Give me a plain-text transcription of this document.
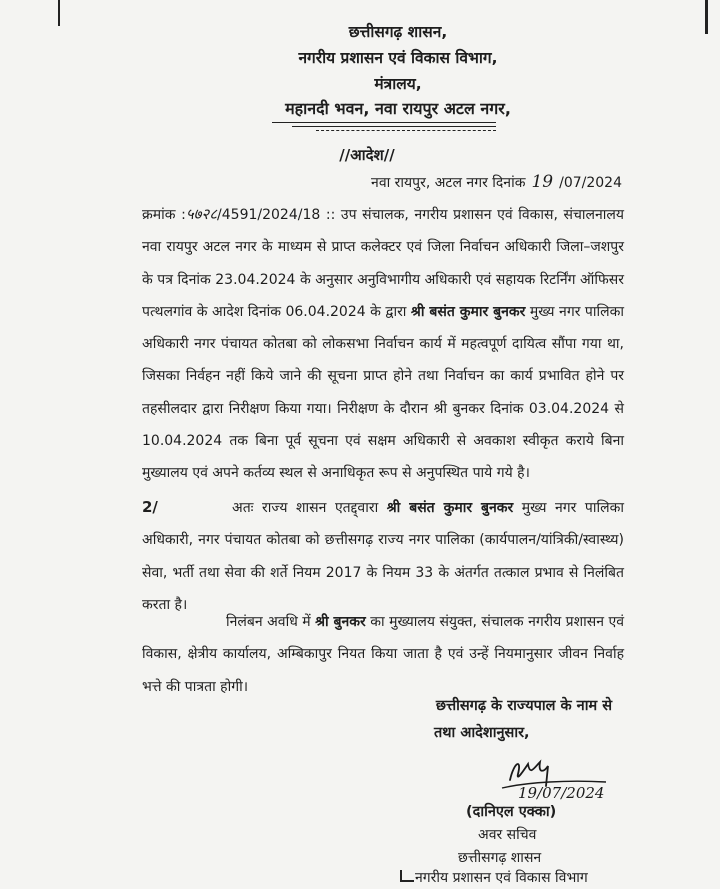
छत्तीसगढ़ शासन,
नगरीय प्रशासन एवं विकास विभाग,
मंत्रालय,
महानदी भवन, नवा रायपुर अटल नगर,
//आदेश//
नवा रायपुर, अटल नगर दिनांक 19 /07/2024
क्रमांक :५७२८/4591/2024/18 :: उप संचालक, नगरीय प्रशासन एवं विकास, संचालनालय नवा रायपुर अटल नगर के माध्यम से प्राप्त कलेक्टर एवं जिला निर्वाचन अधिकारी जिला–जशपुर के पत्र दिनांक 23.04.2024 के अनुसार अनुविभागीय अधिकारी एवं सहायक रिटर्निंग ऑफिसर पत्थलगांव के आदेश दिनांक 06.04.2024 के द्वारा श्री बसंत कुमार बुनकर मुख्य नगर पालिका अधिकारी नगर पंचायत कोतबा को लोकसभा निर्वाचन कार्य में महत्वपूर्ण दायित्व सौंपा गया था, जिसका निर्वहन नहीं किये जाने की सूचना प्राप्त होने तथा निर्वाचन का कार्य प्रभावित होने पर तहसीलदार द्वारा निरीक्षण किया गया। निरीक्षण के दौरान श्री बुनकर दिनांक 03.04.2024 से 10.04.2024 तक बिना पूर्व सूचना एवं सक्षम अधिकारी से अवकाश स्वीकृत कराये बिना मुख्यालय एवं अपने कर्तव्य स्थल से अनाधिकृत रूप से अनुपस्थित पाये गये है।
2/	अतः राज्य शासन एतद्द्वारा श्री बसंत कुमार बुनकर मुख्य नगर पालिका अधिकारी, नगर पंचायत कोतबा को छत्तीसगढ़ राज्य नगर पालिका (कार्यपालन/यांत्रिकी/स्वास्थ्य) सेवा, भर्ती तथा सेवा की शर्ते नियम 2017 के नियम 33 के अंतर्गत तत्काल प्रभाव से निलंबित करता है।
निलंबन अवधि में श्री बुनकर का मुख्यालय संयुक्त, संचालक नगरीय प्रशासन एवं विकास, क्षेत्रीय कार्यालय, अम्बिकापुर नियत किया जाता है एवं उन्हें नियमानुसार जीवन निर्वाह भत्ते की पात्रता होगी।
छत्तीसगढ़ के राज्यपाल के नाम से
तथा आदेशानुसार,
19/07/2024
(दानिएल एक्का)
अवर सचिव
छत्तीसगढ़ शासन
नगरीय प्रशासन एवं विकास विभाग
